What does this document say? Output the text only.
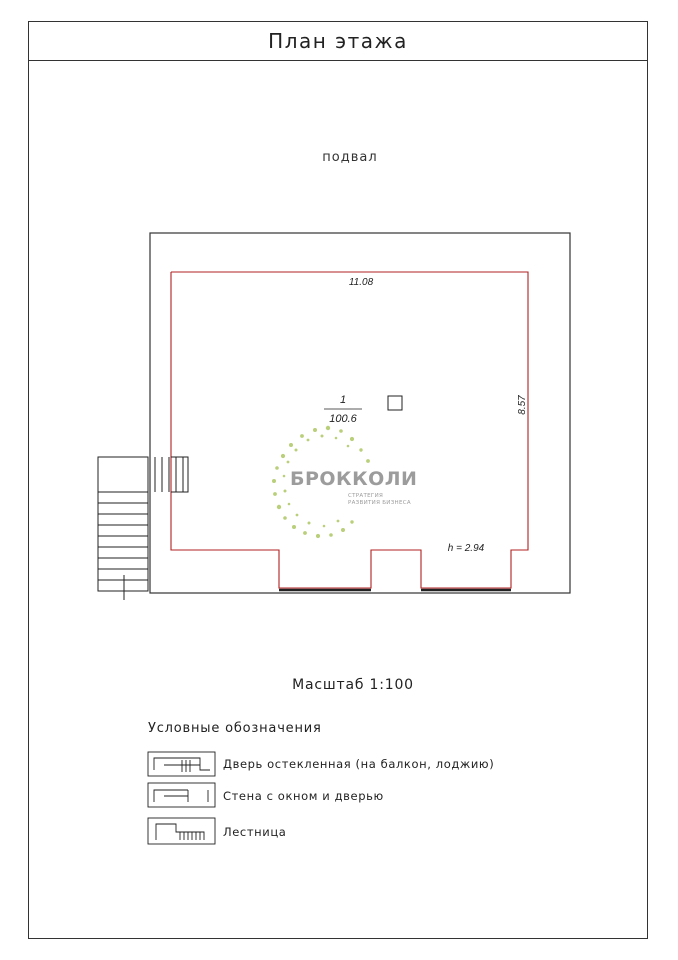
План этажа
подвал
11.08
8.57
1
100.6
h = 2.94
БРОККОЛИ
СТРАТЕГИЯ
РАЗВИТИЯ БИЗНЕСА
Масштаб 1:100
Условные обозначения
Дверь остекленная (на балкон, лоджию)
Стена с окном и дверью
Лестница
